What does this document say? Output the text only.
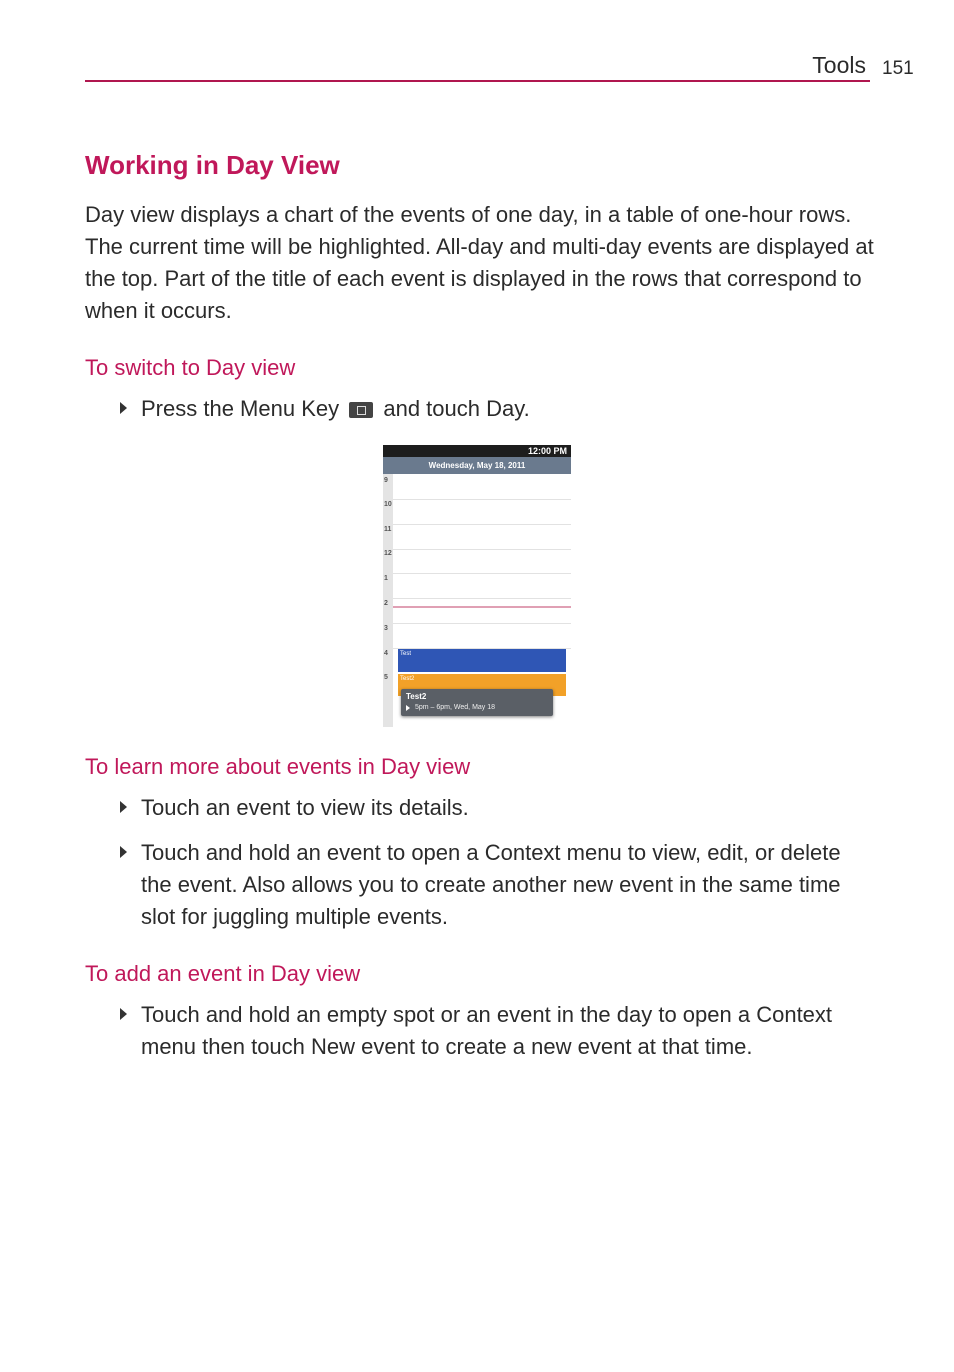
Tools 151
Working in Day View
Day view displays a chart of the events of one day, in a table of one-hour rows. The current time will be highlighted. All-day and multi-day events are displayed at the top. Part of the title of each event is displayed in the rows that correspond to when it occurs.
To switch to Day view
Press the Menu Key  and touch Day.
12:00 PM
Wednesday, May 18, 2011
9
10
11
12
1
2
3
4
5
Test
Test2
Test2
5pm – 6pm, Wed, May 18
To learn more about events in Day view
Touch an event to view its details.
Touch and hold an event to open a Context menu to view, edit, or delete the event. Also allows you to create another new event in the same time slot for juggling multiple events.
To add an event in Day view
Touch and hold an empty spot or an event in the day to open a Context menu then touch New event to create a new event at that time.
